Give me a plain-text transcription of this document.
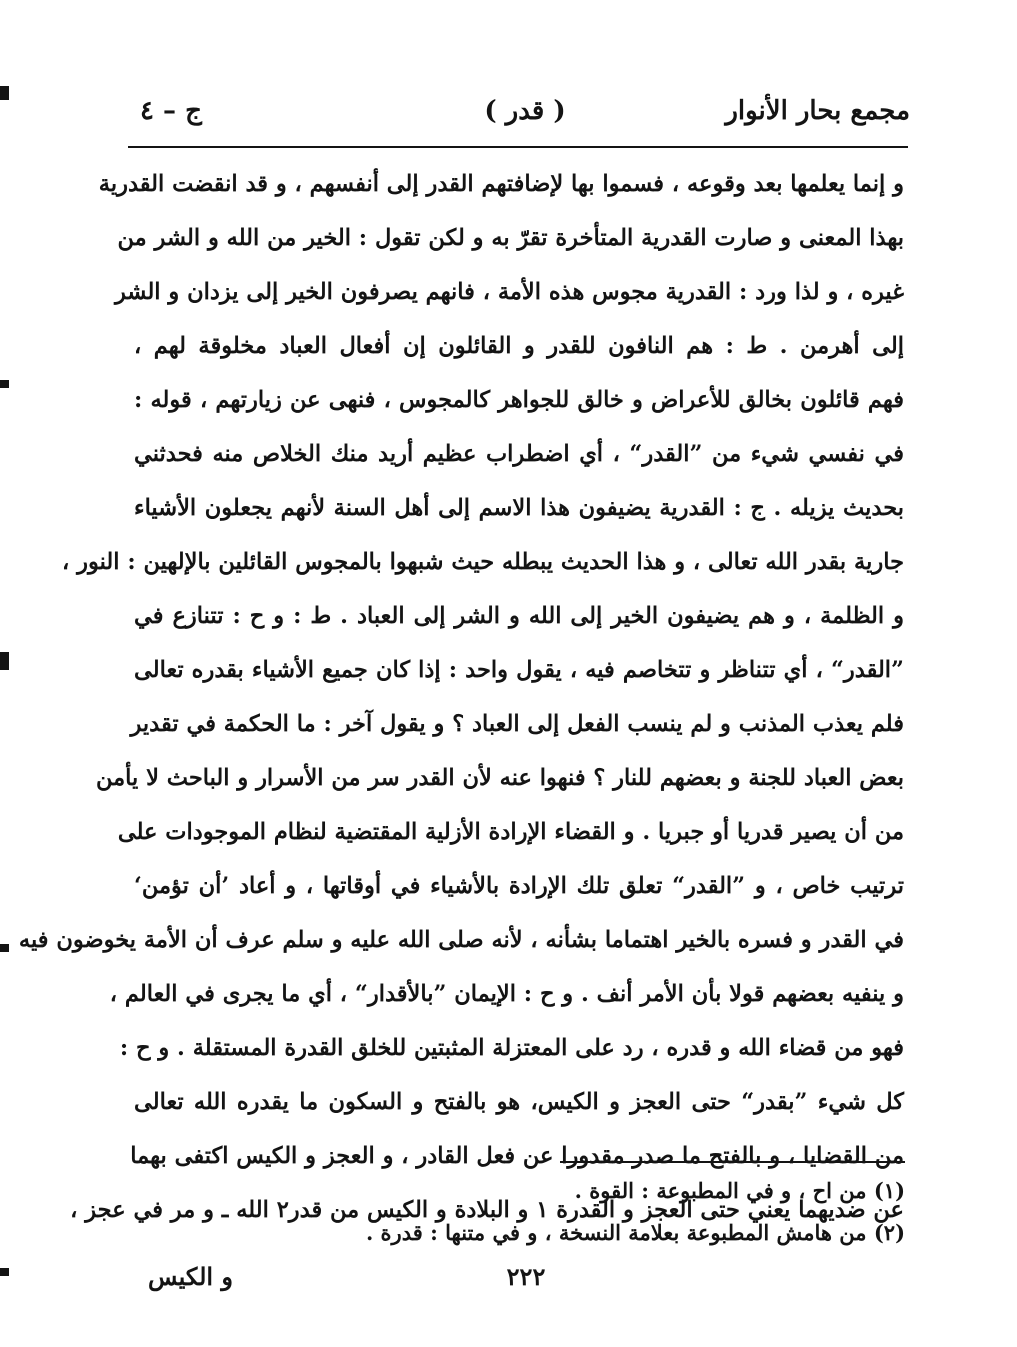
مجمع بحار الأنوار
( قدر )
ج – ٤
و إنما يعلمها بعد وقوعه ، فسموا بها لإضافتهم القدر إلى أنفسهم ، و قد انقضت القدرية
بهذا المعنى و صارت القدرية المتأخرة تقرّ به و لكن تقول : الخير من الله و الشر من
غيره ، و لذا ورد : القدرية مجوس هذه الأمة ، فانهم يصرفون الخير إلى يزدان و الشر
إلى أهرمن . ط : هم النافون للقدر و القائلون إن أفعال العباد مخلوقة لهم ،
فهم قائلون بخالق للأعراض و خالق للجواهر كالمجوس ، فنهى عن زيارتهم ، قوله :
في نفسي شيء من ”القدر“ ، أي اضطراب عظيم أريد منك الخلاص منه فحدثني
بحديث يزيله . ج : القدرية يضيفون هذا الاسم إلى أهل السنة لأنهم يجعلون الأشياء
جارية بقدر الله تعالى ، و هذا الحديث يبطله حيث شبهوا بالمجوس القائلين بالإلهين : النور ،
و الظلمة ، و هم يضيفون الخير إلى الله و الشر إلى العباد . ط : و ح : تتنازع في
”القدر“ ، أي تتناظر و تتخاصم فيه ، يقول واحد : إذا كان جميع الأشياء بقدره تعالى
فلم يعذب المذنب و لم ينسب الفعل إلى العباد ؟ و يقول آخر : ما الحكمة في تقدير
بعض العباد للجنة و بعضهم للنار ؟ فنهوا عنه لأن القدر سر من الأسرار و الباحث لا يأمن
من أن يصير قدريا أو جبريا . و القضاء الإرادة الأزلية المقتضية لنظام الموجودات على
ترتيب خاص ، و ”القدر“ تعلق تلك الإرادة بالأشياء في أوقاتها ، و أعاد ’أن تؤمن‘
في القدر و فسره بالخير اهتماما بشأنه ، لأنه صلى الله عليه و سلم عرف أن الأمة يخوضون فيه
و ينفيه بعضهم قولا بأن الأمر أنف . و ح : الإيمان ”بالأقدار“ ، أي ما يجرى في العالم ،
فهو من قضاء الله و قدره ، رد على المعتزلة المثبتين للخلق القدرة المستقلة . و ح :
كل شيء ”بقدر“ حتى العجز و الكيس، هو بالفتح و السكون ما يقدره الله تعالى
من القضايا ، و بالفتح ما صدر مقدورا عن فعل القادر ، و العجز و الكيس اكتفى بهما
عن ضديهما يعني حتى العجز و القدرة ١ و البلادة و الكيس من قدر٢ الله ـ و مر في عجز ،
(١) من اح ، و في المطبوعة : القوة .
(٢) من هامش المطبوعة بعلامة النسخة ، و في متنها : قدرة .
٢٢٢
و الكيس
